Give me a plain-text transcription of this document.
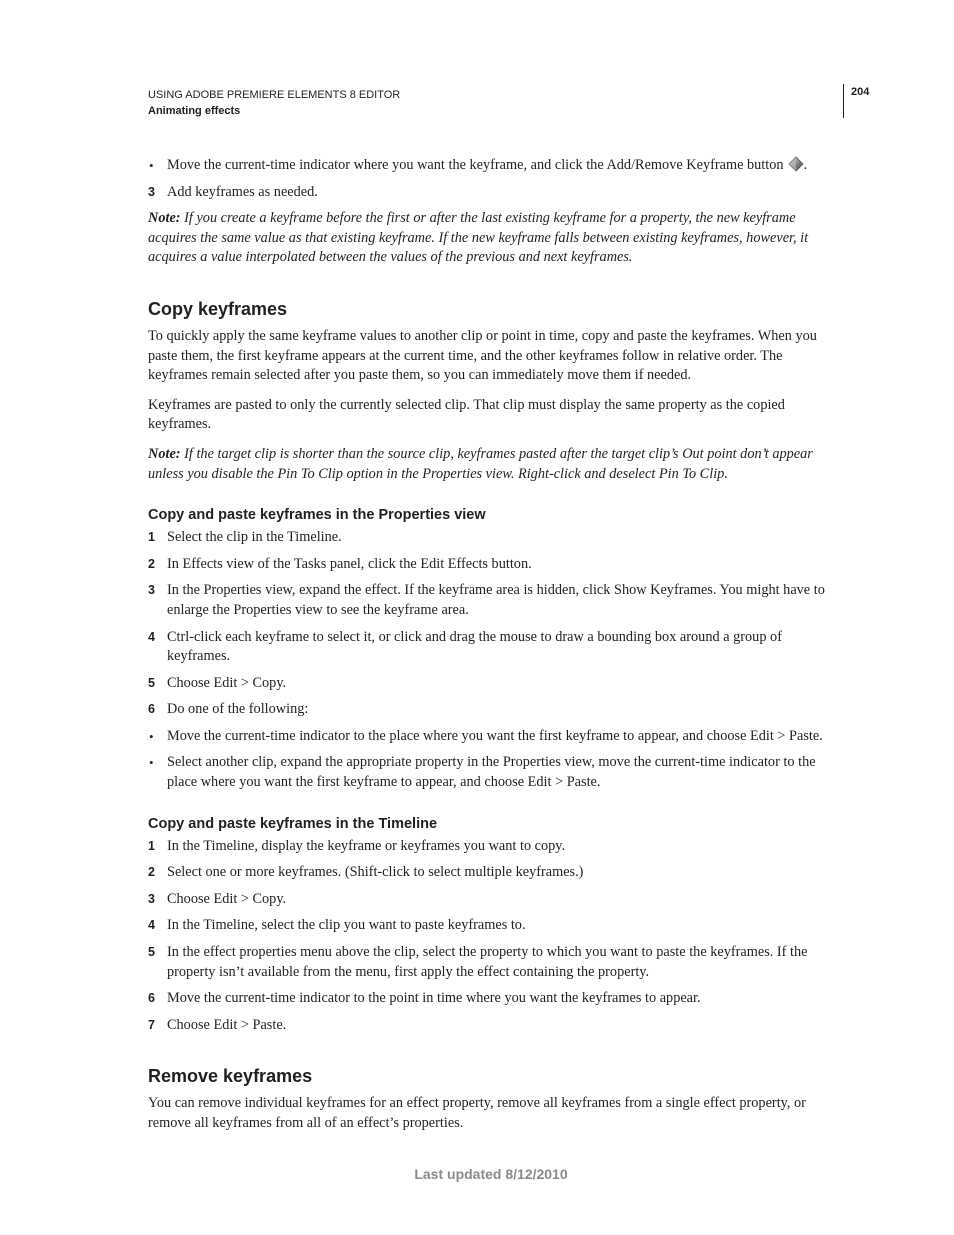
USING ADOBE PREMIERE ELEMENTS 8 EDITOR
Animating effects
204
• Move the current-time indicator where you want the keyframe, and click the Add/Remove Keyframe button .
3 Add keyframes as needed.

Note: If you create a keyframe before the first or after the last existing keyframe for a property, the new keyframe acquires the same value as that existing keyframe. If the new keyframe falls between existing keyframes, however, it acquires a value interpolated between the values of the previous and next keyframes.

Copy keyframes

To quickly apply the same keyframe values to another clip or point in time, copy and paste the keyframes. When you paste them, the first keyframe appears at the current time, and the other keyframes follow in relative order. The keyframes remain selected after you paste them, so you can immediately move them if needed.

Keyframes are pasted to only the currently selected clip. That clip must display the same property as the copied keyframes.

Note: If the target clip is shorter than the source clip, keyframes pasted after the target clip’s Out point don’t appear unless you disable the Pin To Clip option in the Properties view. Right-click and deselect Pin To Clip.

Copy and paste keyframes in the Properties view
1 Select the clip in the Timeline.
2 In Effects view of the Tasks panel, click the Edit Effects button.
3 In the Properties view, expand the effect. If the keyframe area is hidden, click Show Keyframes. You might have to enlarge the Properties view to see the keyframe area.
4 Ctrl-click each keyframe to select it, or click and drag the mouse to draw a bounding box around a group of keyframes.
5 Choose Edit > Copy.
6 Do one of the following:
• Move the current-time indicator to the place where you want the first keyframe to appear, and choose Edit > Paste.
• Select another clip, expand the appropriate property in the Properties view, move the current-time indicator to the place where you want the first keyframe to appear, and choose Edit > Paste.
Copy and paste keyframes in the Timeline
1 In the Timeline, display the keyframe or keyframes you want to copy.
2 Select one or more keyframes. (Shift-click to select multiple keyframes.)
3 Choose Edit > Copy.
4 In the Timeline, select the clip you want to paste keyframes to.
5 In the effect properties menu above the clip, select the property to which you want to paste the keyframes. If the property isn’t available from the menu, first apply the effect containing the property.
6 Move the current-time indicator to the point in time where you want the keyframes to appear.
7 Choose Edit > Paste.
Remove keyframes

You can remove individual keyframes for an effect property, remove all keyframes from a single effect property, or remove all keyframes from all of an effect’s properties.

Last updated 8/12/2010
